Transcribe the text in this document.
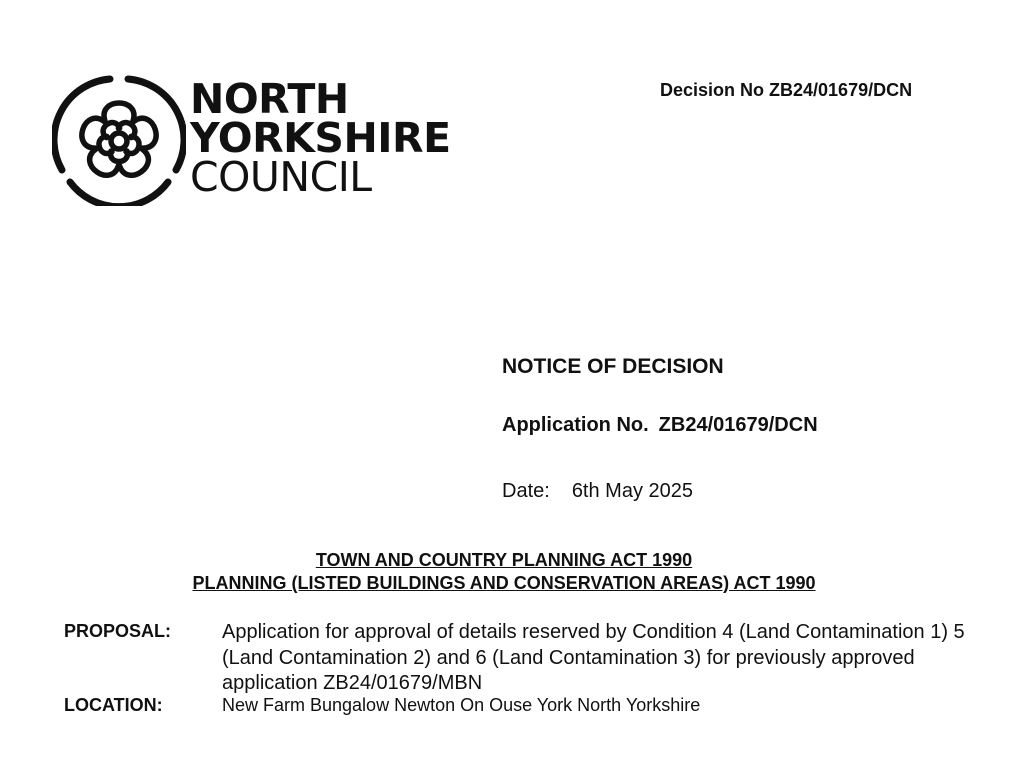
NORTH
YORKSHIRE
COUNCIL
Decision No ZB24/01679/DCN
NOTICE OF DECISION
Application No. ZB24/01679/DCN
Date: 6th May 2025
TOWN AND COUNTRY PLANNING ACT 1990
PLANNING (LISTED BUILDINGS AND CONSERVATION AREAS) ACT 1990
PROPOSAL:	Application for approval of details reserved by Condition 4 (Land Contamination 1) 5 (Land Contamination 2) and 6 (Land Contamination 3) for previously approved application ZB24/01679/MBN
LOCATION:	New Farm Bungalow Newton On Ouse York North Yorkshire
